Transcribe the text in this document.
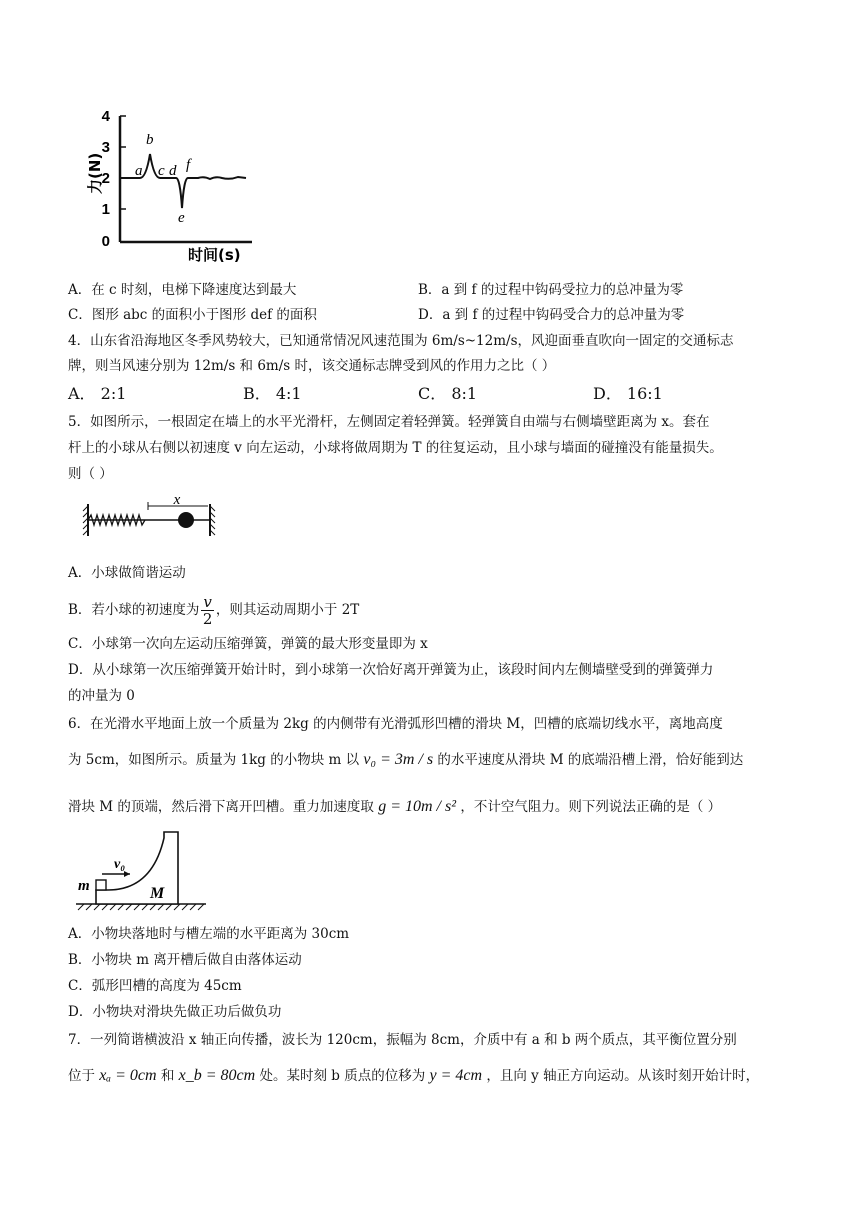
4
3
2
1
0
力(N)
时间(s)
a
b
c d
e
f
A．在 c 时刻，电梯下降速度达到最大	B．a 到 f 的过程中钩码受拉力的总冲量为零
C．图形 abc 的面积小于图形 def 的面积	D．a 到 f 的过程中钩码受合力的总冲量为零
4．山东省沿海地区冬季风势较大，已知通常情况风速范围为 6m/s~12m/s，风迎面垂直吹向一固定的交通标志
牌，则当风速分别为 12m/s 和 6m/s 时，该交通标志牌受到风的作用力之比（ ）
A． 2:1	B． 4:1	C． 8:1	D． 16:1
5．如图所示，一根固定在墙上的水平光滑杆，左侧固定着轻弹簧。轻弹簧自由端与右侧墙壁距离为 x。套在
杆上的小球从右侧以初速度 v 向左运动，小球将做周期为 T 的往复运动，且小球与墙面的碰撞没有能量损失。
则（ ）
x
A．小球做简谐运动
B．若小球的初速度为 $\frac{v}{2}$ ，则其运动周期小于 2T
C．小球第一次向左运动压缩弹簧，弹簧的最大形变量即为 x
D．从小球第一次压缩弹簧开始计时，到小球第一次恰好离开弹簧为止，该段时间内左侧墙壁受到的弹簧弹力
的冲量为 0
6．在光滑水平地面上放一个质量为 2kg 的内侧带有光滑弧形凹槽的滑块 M，凹槽的底端切线水平，离地高度
为 5cm，如图所示。质量为 1kg 的小物块 m 以 v₀ = 3m / s 的水平速度从滑块 M 的底端沿槽上滑，恰好能到达
滑块 M 的顶端，然后滑下离开凹槽。重力加速度取 g = 10m / s² ，不计空气阻力。则下列说法正确的是（ ）
v₀
m	M
A．小物块落地时与槽左端的水平距离为 30cm
B．小物块 m 离开槽后做自由落体运动
C．弧形凹槽的高度为 45cm
D．小物块对滑块先做正功后做负功
7．一列简谐横波沿 x 轴正向传播，波长为 120cm，振幅为 8cm，介质中有 a 和 b 两个质点，其平衡位置分别
位于 xₐ = 0cm 和 x_b = 80cm 处。某时刻 b 质点的位移为 y = 4cm ，且向 y 轴正方向运动。从该时刻开始计时，
